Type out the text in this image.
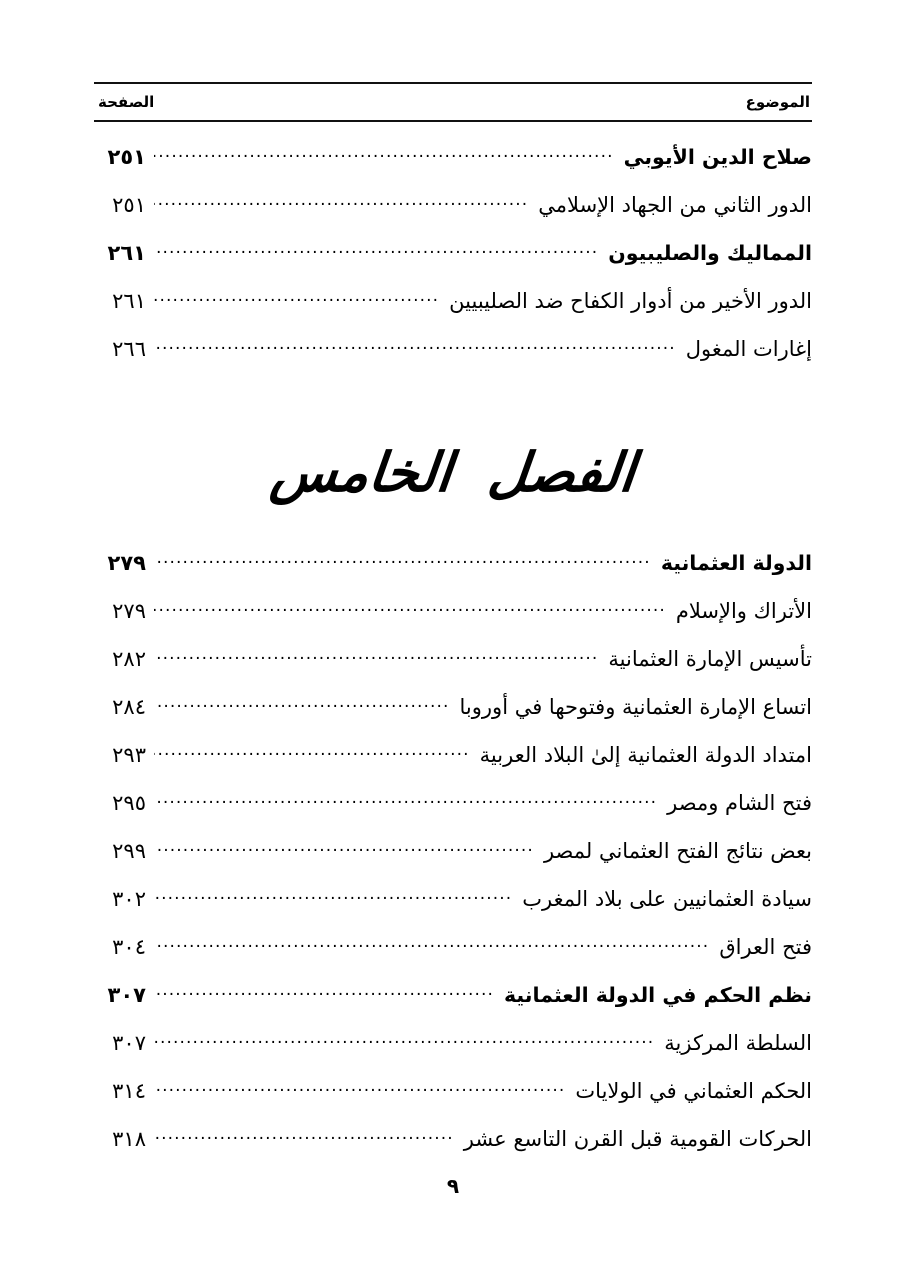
الموضوع
الصفحة
صلاح الدين الأيوبي
.....
٢٥١
الدور الثاني من الجهاد الإسلامي
.....
٢٥١
المماليك والصليبيون
.....
٢٦١
الدور الأخير من أدوار الكفاح ضد الصليبيين
.....
٢٦١
إغارات المغول
.....
٢٦٦
الفصل الخامس
الدولة العثمانية
.....
٢٧٩
الأتراك والإسلام
.....
٢٧٩
تأسيس الإمارة العثمانية
.....
٢٨٢
اتساع الإمارة العثمانية وفتوحها في أوروبا
.....
٢٨٤
امتداد الدولة العثمانية إلىٰ البلاد العربية
.....
٢٩٣
فتح الشام ومصر
.....
٢٩٥
بعض نتائج الفتح العثماني لمصر
.....
٢٩٩
سيادة العثمانيين على بلاد المغرب
.....
٣٠٢
فتح العراق
.....
٣٠٤
نظم الحكم في الدولة العثمانية
.....
٣٠٧
السلطة المركزية
.....
٣٠٧
الحكم العثماني في الولايات
.....
٣١٤
الحركات القومية قبل القرن التاسع عشر
.....
٣١٨
٩
